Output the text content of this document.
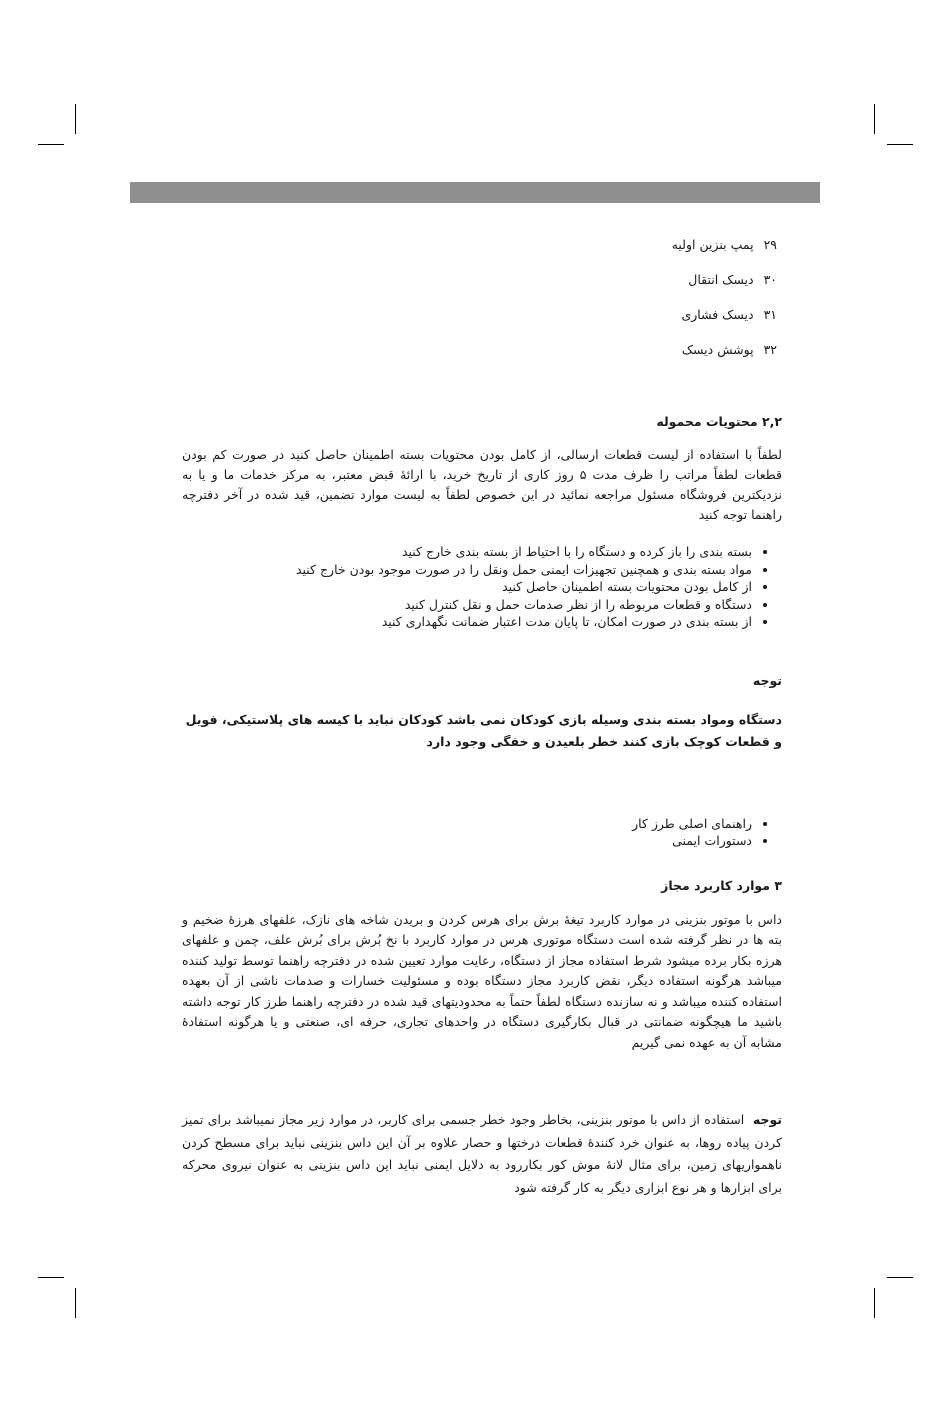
۲۹پمپ بنزین اولیه
۳۰دیسک انتقال
۳۱دیسک فشاری
۳۲پوشش دیسک
۲,۲ محتویات محموله

لطفاً با استفاده از لیست قطعات ارسالی، از کامل بودن محتویات بسته اطمینان حاصل کنید در صورت کم بودن قطعات لطفاً مراتب را ظرف مدت ۵ روز کاری از تاریخ خرید، با ارائهٔ قبض معتبر، به مرکز خدمات ما و یا به نزدیکترین فروشگاه مسئول مراجعه نمائید در این خصوص لطفاً به لیست موارد تضمین، قید شده در آخر دفترچه راهنما توجه کنید

• بسته بندی را باز کرده و دستگاه را با احتیاط از بسته بندی خارج کنید
• مواد بسته بندی و همچنین تجهیزات ایمنی حمل ونقل را در صورت موجود بودن خارج کنید
• از کامل بودن محتویات بسته اطمینان حاصل کنید
• دستگاه و قطعات مربوطه را از نظر صدمات حمل و نقل کنترل کنید
• از بسته بندی در صورت امکان، تا پایان مدت اعتبار ضمانت نگهداری کنید
توجه

دستگاه ومواد بسته بندی وسیله بازی کودکان نمی باشد کودکان نباید با کیسه های پلاستیکی، فویل و قطعات کوچک بازی کنند خطر بلعیدن و خفگی وجود دارد

• راهنمای اصلی طرز کار
• دستورات ایمنی
۳ موارد کاربرد مجاز

داس با موتور بنزینی در موارد کاربرد تیغهٔ برش برای هرس کردن و بریدن شاخه های نازک، علفهای هرزهٔ ضخیم و بته ها در نظر گرفته شده است دستگاه موتوری هرس در موارد کاربرد با نخ بُرش برای بُرش علف، چمن و علفهای هرزه بکار برده میشود شرط استفاده مجاز از دستگاه، رعایت موارد تعیین شده در دفترچه راهنما توسط تولید کننده میباشد هرگونه استفاده دیگر، نقض کاربرد مجاز دستگاه بوده و مسئولیت خسارات و صدمات ناشی از آن بعهده استفاده کننده میباشد و نه سازنده دستگاه لطفاً حتماً به محدودیتهای قید شده در دفترچه راهنما طرز کار توجه داشته باشید ما هیچگونه ضمانتی در قبال بکارگیری دستگاه در واحدهای تجاری، حرفه ای، صنعتی و یا هرگونه استفادهٔ مشابه آن به عهده نمی گیریم

توجه  استفاده از داس با موتور بنزینی، بخاطر وجود خطر جسمی برای کاربر، در موارد زیر مجاز نمیباشد برای تمیز کردن پیاده روها، به عنوان خرد کنندهٔ قطعات درختها و حصار علاوه بر آن این داس بنزینی نباید برای مسطح کردن ناهمواریهای زمین، برای مثال لانهٔ موش کور بکاررود به دلایل ایمنی نباید این داس بنزینی به عنوان نیروی محرکه برای ابزارها و هر نوع ابزاری دیگر به کار گرفته شود
